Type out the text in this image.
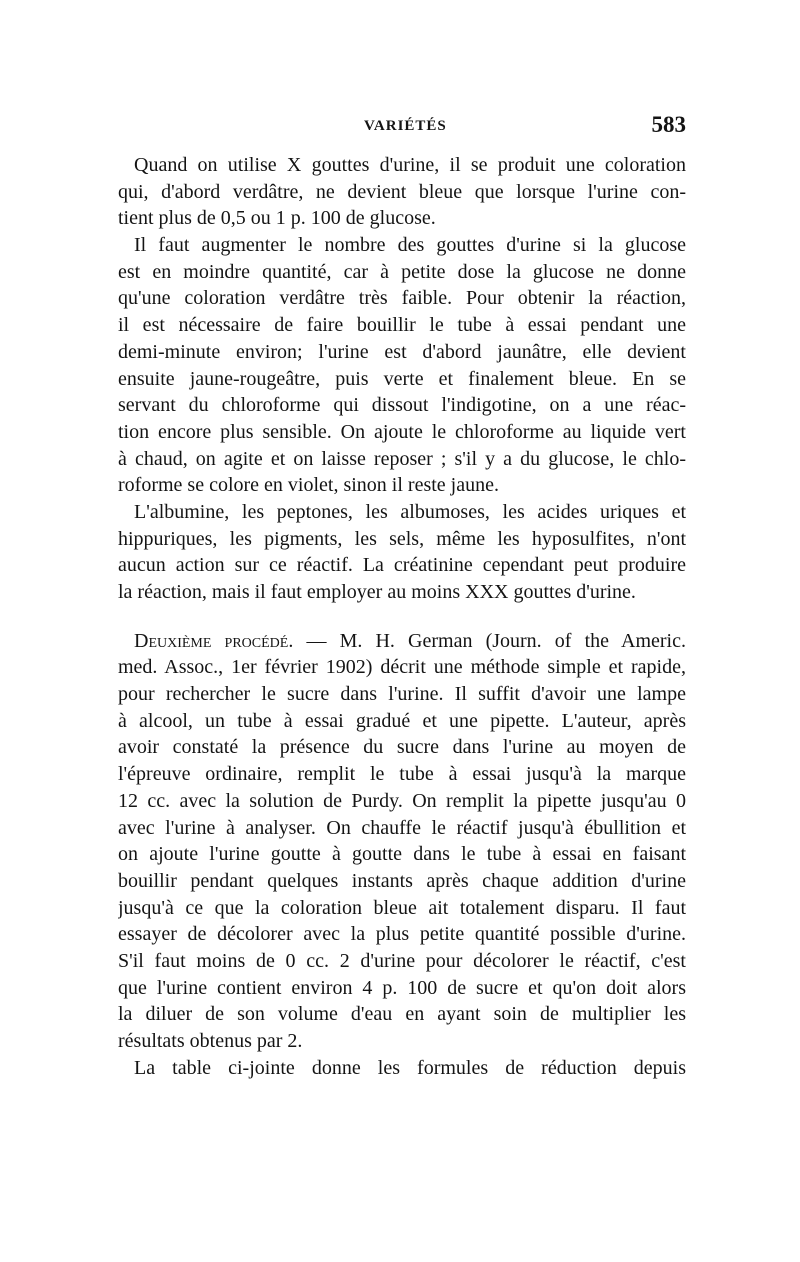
VARIÉTÉS	583
Quand on utilise X gouttes d'urine, il se produit une coloration
qui, d'abord verdâtre, ne devient bleue que lorsque l'urine con-
tient plus de 0,5 ou 1 p. 100 de glucose.
Il faut augmenter le nombre des gouttes d'urine si la glucose
est en moindre quantité, car à petite dose la glucose ne donne
qu'une coloration verdâtre très faible. Pour obtenir la réaction,
il est nécessaire de faire bouillir le tube à essai pendant une
demi-minute environ; l'urine est d'abord jaunâtre, elle devient
ensuite jaune-rougeâtre, puis verte et finalement bleue. En se
servant du chloroforme qui dissout l'indigotine, on a une réac-
tion encore plus sensible. On ajoute le chloroforme au liquide vert
à chaud, on agite et on laisse reposer ; s'il y a du glucose, le chlo-
roforme se colore en violet, sinon il reste jaune.
L'albumine, les peptones, les albumoses, les acides uriques et
hippuriques, les pigments, les sels, même les hyposulfites, n'ont
aucun action sur ce réactif. La créatinine cependant peut produire
la réaction, mais il faut employer au moins XXX gouttes d'urine.
Deuxième procédé. — M. H. German (Journ. of the Americ.
med. Assoc., 1er février 1902) décrit une méthode simple et rapide,
pour rechercher le sucre dans l'urine. Il suffit d'avoir une lampe
à alcool, un tube à essai gradué et une pipette. L'auteur, après
avoir constaté la présence du sucre dans l'urine au moyen de
l'épreuve ordinaire, remplit le tube à essai jusqu'à la marque
12 cc. avec la solution de Purdy. On remplit la pipette jusqu'au 0
avec l'urine à analyser. On chauffe le réactif jusqu'à ébullition et
on ajoute l'urine goutte à goutte dans le tube à essai en faisant
bouillir pendant quelques instants après chaque addition d'urine
jusqu'à ce que la coloration bleue ait totalement disparu. Il faut
essayer de décolorer avec la plus petite quantité possible d'urine.
S'il faut moins de 0 cc. 2 d'urine pour décolorer le réactif, c'est
que l'urine contient environ 4 p. 100 de sucre et qu'on doit alors
la diluer de son volume d'eau en ayant soin de multiplier les
résultats obtenus par 2.
La table ci-jointe donne les formules de réduction depuis
